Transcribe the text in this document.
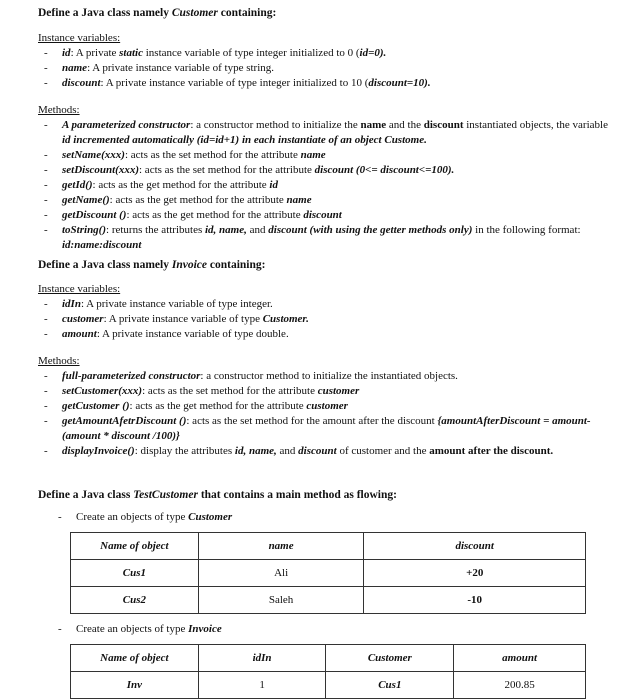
Define a Java class namely Customer containing:
Instance variables:
- id: A private static instance variable of type integer initialized to 0 (id=0).
- name: A private instance variable of type string.
- discount: A private instance variable of type integer initialized to 10 (discount=10).
Methods:
- A parameterized constructor: a constructor method to initialize the name and the discount instantiated objects, the variable id incremented automatically (id=id+1) in each instantiate of an object Custome.
- setName(xxx): acts as the set method for the attribute name
- setDiscount(xxx): acts as the set method for the attribute discount (0<= discount<=100).
- getId(): acts as the get method for the attribute id
- getName(): acts as the get method for the attribute name
- getDiscount (): acts as the get method for the attribute discount
- toString(): returns the attributes id, name, and discount (with using the getter methods only) in the following format: id:name:discount
Define a Java class namely Invoice containing:
Instance variables:
- idIn: A private instance variable of type integer.
- customer: A private instance variable of type Customer.
- amount: A private instance variable of type double.
Methods:
- full-parameterized constructor: a constructor method to initialize the instantiated objects.
- setCustomer(xxx): acts as the set method for the attribute customer
- getCustomer (): acts as the get method for the attribute customer
- getAmountAfetrDiscount (): acts as the set method for the amount after the discount {amountAfterDiscount = amount-(amount * discount /100)}
- displayInvoice(): display the attributes id, name, and discount of customer and the amount after the discount.
Define a Java class TestCustomer that contains a main method as flowing:
- Create an objects of type Customer
Name of object	name	discount
Cus1	Ali	+20
Cus2	Saleh	-10
- Create an objects of type Invoice
Name of object	idIn	Customer	amount
Inv	1	Cus1	200.85
